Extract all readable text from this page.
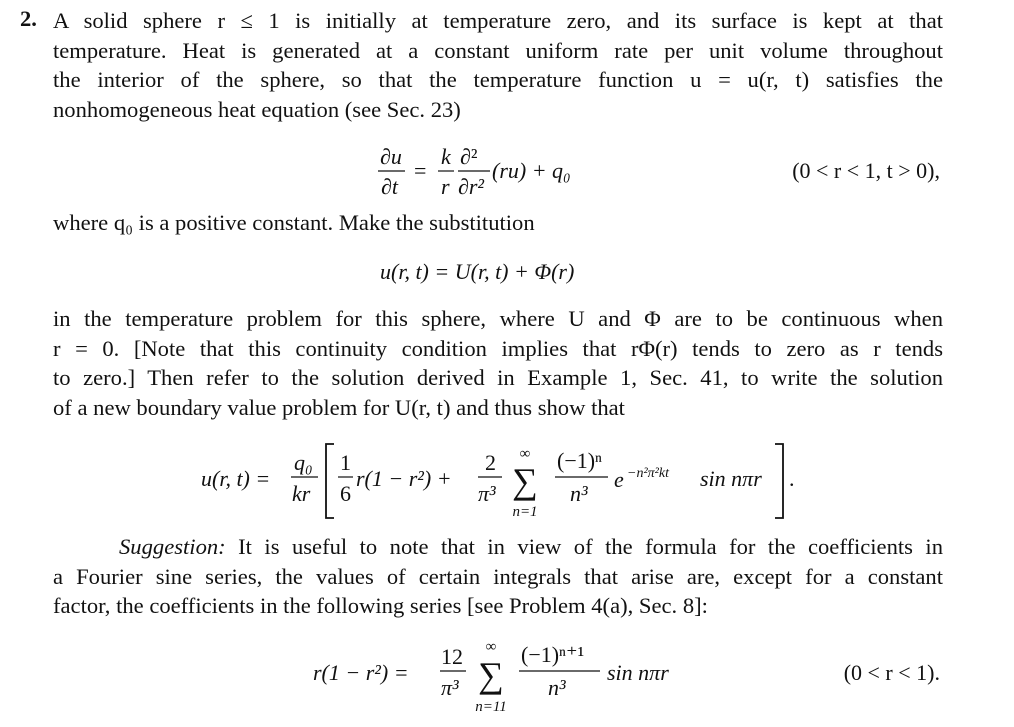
2. A solid sphere r ≤ 1 is initially at temperature zero, and its surface is kept at that
temperature. Heat is generated at a constant uniform rate per unit volume throughout
the interior of the sphere, so that the temperature function u = u(r, t) satisfies the
nonhomogeneous heat equation (see Sec. 23)
∂u
∂t
=
k
r
∂²
∂r²
(ru) + q₀	(0 < r < 1, t > 0),
where q₀ is a positive constant. Make the substitution
u(r, t) = U(r, t) + Φ(r)
in the temperature problem for this sphere, where U and Φ are to be continuous when
r = 0. [Note that this continuity condition implies that rΦ(r) tends to zero as r tends
to zero.] Then refer to the solution derived in Example 1, Sec. 41, to write the solution
of a new boundary value problem for U(r, t) and thus show that
u(r, t) =
q₀
kr
1
6
r(1 − r²) +
2
π³
∞
∑
n=1
(−1)ⁿ
n³
e −n²π²kt sin nπr .
Suggestion: It is useful to note that in view of the formula for the coefficients in
a Fourier sine series, the values of certain integrals that arise are, except for a constant
factor, the coefficients in the following series [see Problem 4(a), Sec. 8]:
r(1 − r²) =
12
π³
∞
∑
n=11
(−1)ⁿ⁺¹
n³
sin nπr	(0 < r < 1).
